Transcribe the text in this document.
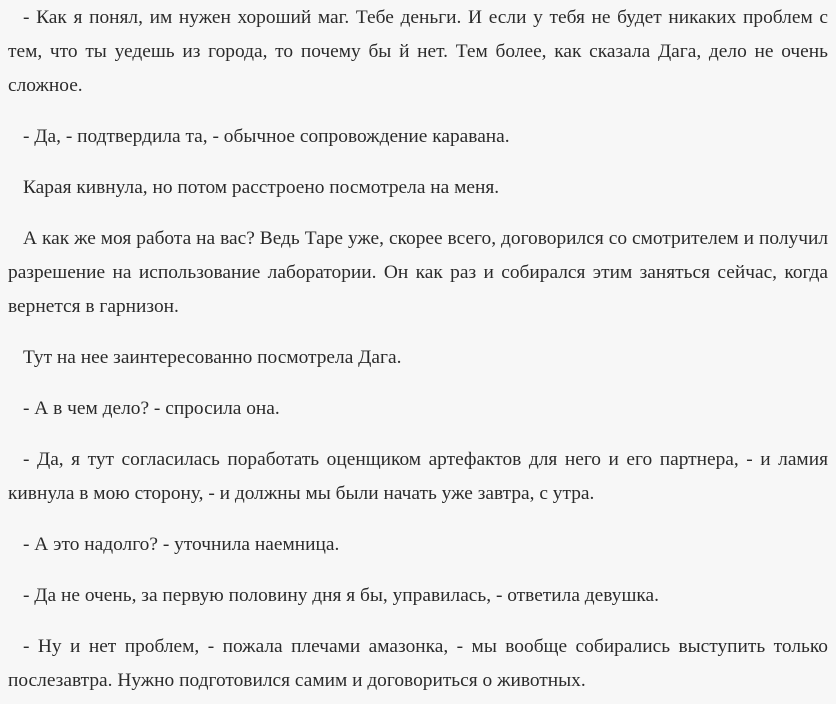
- Как я понял, им нужен хороший маг. Тебе деньги. И если у тебя не будет никаких проблем с тем, что ты уедешь из города, то почему бы й нет. Тем более, как сказала Дага, дело не очень сложное.

- Да, - подтвердила та, - обычное сопровождение каравана.

Карая кивнула, но потом расстроено посмотрела на меня.

А как же моя работа на вас? Ведь Таре уже, скорее всего, договорился со смотрителем и получил разрешение на использование лаборатории. Он как раз и собирался этим заняться сейчас, когда вернется в гарнизон.

Тут на нее заинтересованно посмотрела Дага.

- А в чем дело? - спросила она.

- Да, я тут согласилась поработать оценщиком артефактов для него и его партнера, - и ламия кивнула в мою сторону, - и должны мы были начать уже завтра, с утра.

- А это надолго? - уточнила наемница.

- Да не очень, за первую половину дня я бы, управилась, - ответила девушка.

- Ну и нет проблем, - пожала плечами амазонка, - мы вообще собирались выступить только послезавтра. Нужно подготовился самим и договориться о животных.
